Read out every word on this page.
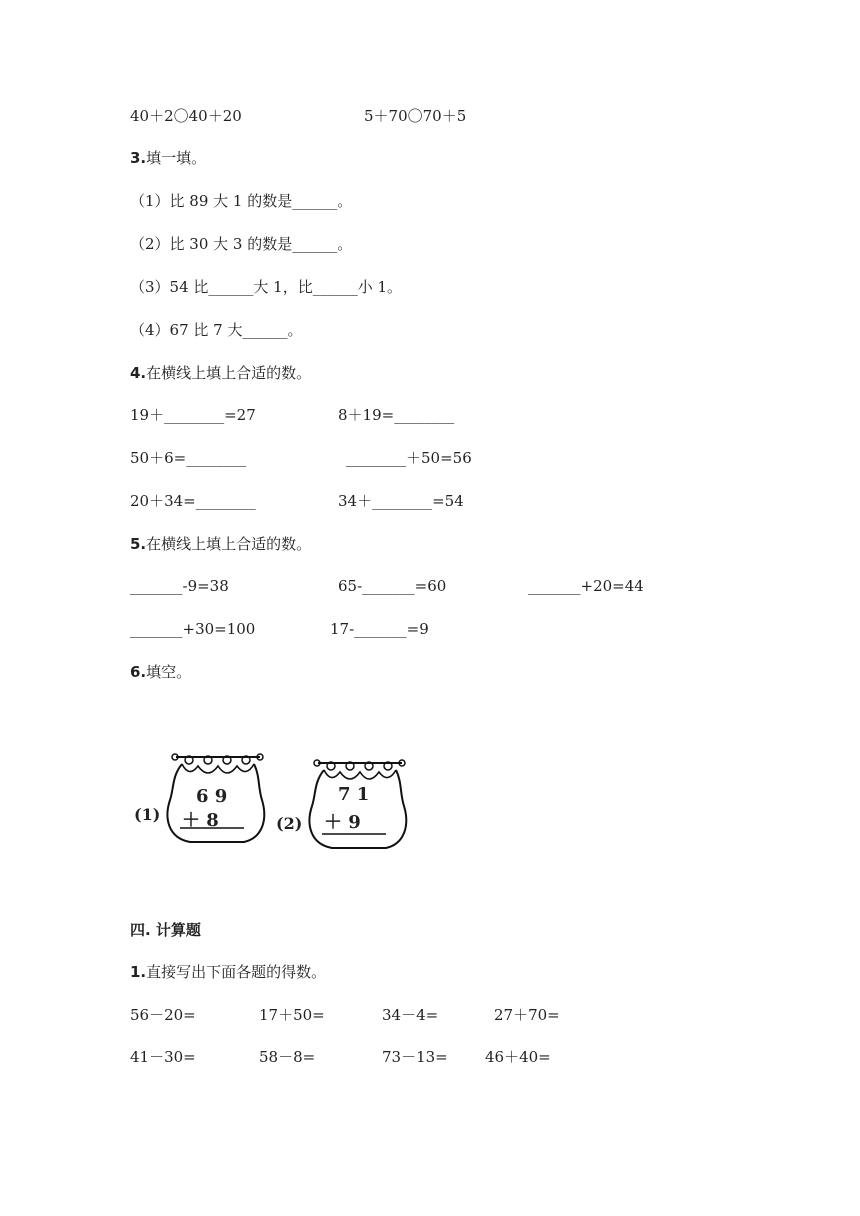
40＋2〇40＋20	5＋70〇70＋5
3.填一填。
（1）比 89 大 1 的数是______。
（2）比 30 大 3 的数是______。
（3）54 比______大 1，比______小 1。
（4）67 比 7 大______。
4.在横线上填上合适的数。
19＋________=27	8＋19=________
50＋6=________	________＋50=56
20＋34=________	34＋________=54
5.在横线上填上合适的数。
_______-9=38	65-_______=60	_______+20=44
_______+30=100	17-_______=9
6.填空。
(1)
6 9
＋ 8	(2)
7 1
＋ 9
四. 计算题
1.直接写出下面各题的得数。
56－20=	17＋50=	34－4=	27＋70=
41－30=	58－8=	73－13= 46＋40=
